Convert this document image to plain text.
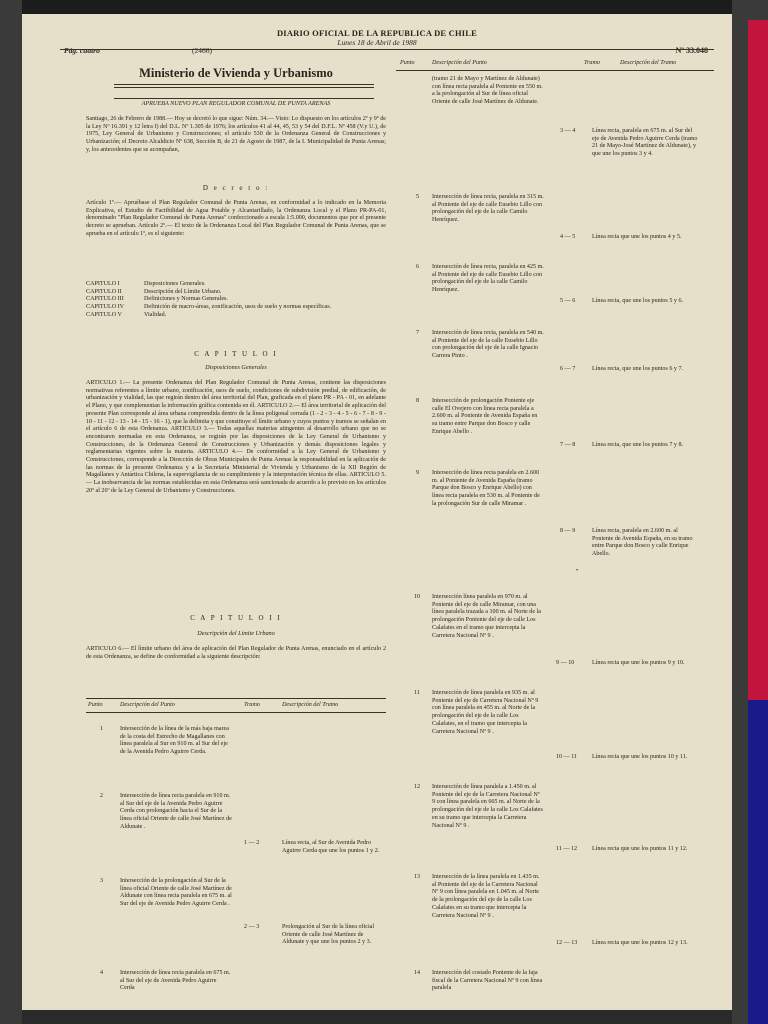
DIARIO OFICIAL DE LA REPUBLICA DE CHILE
Lunes 18 de Abril de 1988
Pág. cuatro	(2466)	Nº 33.048
Ministerio de Vivienda y Urbanismo
APRUEBA NUEVO PLAN REGULADOR COMUNAL DE PUNTA ARENAS
Santiago, 26 de Febrero de 1988.— Hoy se decretó lo que sigue: Núm. 34.— Visto: Lo dispuesto en los artículos 2º y 9º de la Ley Nº 16.391 y 12 letra f) del D.L. Nº 1.305 de 1976; los artículos 41 al 44, 45, 53 y 54 del D.F.L. Nº 458 (V.y U.), de 1975, Ley General de Urbanismo y Construcciones; el artículo 530 de la Ordenanza General de Construcciones y Urbanización; el Decreto Alcaldicio Nº 638, Sección B, de 21 de Agosto de 1987, de la I. Municipalidad de Punta Arenas; y, los antecedentes que se acompañan,
D e c r e t o :
Artículo 1º.— Apruébase el Plan Regulador Comunal de Punta Arenas, en conformidad a lo indicado en la Memoria Explicativa, el Estudio de Factibilidad de Agua Potable y Alcantarillado, la Ordenanza Local y el Plano PR-PA-01, denominado "Plan Regulador Comunal de Punta Arenas" confeccionado a escala 1:5.000, documentos que por el presente decreto se aprueban. Artículo 2º.— El texto de la Ordenanza Local del Plan Regulador Comunal de Punta Arenas, que se aprueba en el artículo 1º, es el siguiente:
CAPITULO I	Disposiciones Generales.
CAPITULO II	Descripción del Límite Urbano.
CAPITULO III	Definiciones y Normas Generales.
CAPITULO IV	Definición de macro-áreas, zonificación, usos de suelo y normas específicas.
CAPITULO V	Vialidad.
C A P I T U L O I
Disposiciones Generales
ARTICULO 1.— La presente Ordenanza del Plan Regulador Comunal de Punta Arenas, contiene las disposiciones normativas referentes a límite urbano, zonificación, usos de suelo, condiciones de subdivisión predial, de edificación, de urbanización y vialidad, las que regirán dentro del área territorial del Plan, graficada en el plano PR - PA - 01, en adelante el Plano, y que complementan la información gráfica contenida en él. ARTICULO 2.— El área territorial de aplicación del presente Plan corresponde al área urbana comprendida dentro de la línea poligonal cerrada (1 - 2 - 3 - 4 - 5 - 6 - 7 - 8 - 9 - 10 - 11 - 12 - 13 - 14 - 15 - 16 - 1), que la delimita y que constituye el límite urbano y cuyos puntos y tramos se señalan en el artículo 6 de esta Ordenanza. ARTICULO 3.— Todas aquellas materias atingentes al desarrollo urbano que no se encontraren normadas en esta Ordenanza, se regirán por las disposiciones de la Ley General de Urbanismo y Construcciones, de la Ordenanza General de Construcciones y Urbanización y demás disposiciones legales y reglamentarias vigentes sobre la materia. ARTICULO 4.— De conformidad a la Ley General de Urbanismo y Construcciones, corresponde a la Dirección de Obras Municipales de Punta Arenas la responsabilidad en la aplicación de las normas de la presente Ordenanza y a la Secretaría Ministerial de Vivienda y Urbanismo de la XII Región de Magallanes y Antártica Chilena, la supervigilancia de su cumplimiento y la interpretación técnica de ellas. ARTICULO 5.— La inobservancia de las normas establecidas en esta Ordenanza será sancionada de acuerdo a lo previsto en los artículos 20º al 26º de la Ley General de Urbanismo y Construcciones.
C A P I T U L O I I
Descripción del Límite Urbano
ARTICULO 6.— El límite urbano del área de aplicación del Plan Regulador de Punta Arenas, enunciado en el artículo 2 de esta Ordenanza, se define de conformidad a la siguiente descripción:
Punto	Descripción del Punto	Tramo	Descripción del Tramo
1	Intersección de la línea de la más baja marea de la costa del Estrecho de Magallanes con línea paralela al Sur en 910 m. al Sur del eje de la Avenida Pedro Aguirre Cerda.
2	Intersección de línea recta paralela en 910 m. al Sur del eje de la Avenida Pedro Aguirre Cerda con prolongación hacia el Sur de la línea oficial Oriente de calle José Martínez de Aldunate .
1 — 2	Línea recta, al Sur de Avenida Pedro Aguirre Cerda que une los puntos 1 y 2.
3	Intersección de la prolongación al Sur de la línea oficial Oriente de calle José Martínez de Aldunate con línea recta paralela en 675 m. al Sur del eje de Avenida Pedro Aguirre Cerda .
2 — 3	Prolongación al Sur de la línea oficial Oriente de calle José Martínez de Aldunate y que une los puntos 2 y 3.
4	Intersección de línea recta paralela en 675 m. al Sur del eje de Avenida Pedro Aguirre Cerda
Punto	Descripción del Punto	Tramo	Descripción del Tramo
(tramo 21 de Mayo y Martínez de Aldunate) con línea recta paralela al Poniente en 550 m. a la prolongación al Sur de línea oficial Oriente de calle José Martínez de Aldunate.
3 — 4	Línea recta, paralela en 675 m. al Sur del eje de Avenida Pedro Aguirre Cerda (tramo 21 de Mayo-José Martínez de Aldunate), y que une los puntos 3 y 4.
5 Intersección de línea recta, paralela en 315 m. al Poniente del eje de calle Eusebio Lillo con prolongación del eje de la calle Camilo Henríquez.
4 — 5	Línea recta que une los puntos 4 y 5.
6 Intersección de línea recta, paralela en 425 m. al Poniente del eje de calle Eusebio Lillo con prolongación del eje de la calle Camilo Henríquez.
5 — 6	Línea recta, que une los puntos 5 y 6.
7 Intersección de línea recta, paralela en 540 m. al Poniente del eje de la calle Eusebio Lillo con prolongación del eje de la calle Ignacio Carrera Pinto .
6 — 7	Línea recta, que une los puntos 6 y 7.
8 Intersección de prolongación Poniente eje calle El Ovejero con línea recta paralela a 2.600 m. al Poniente de Avenida España en su tramo entre Parque don Bosco y calle Enrique Abello .
7 — 8	Línea recta, que une los puntos 7 y 8.
9 Intersección de línea recta paralela en 2.600 m. al Poniente de Avenida España (tramo Parque don Bosco y Enrique Abello) con línea recta paralela en 530 m. al Poniente de la prolongación Sur de calle Miramar .
8 — 9	Línea recta, paralela en 2.600 m. al Poniente de Avenida España, en su tramo entre Parque don Bosco y calle Enrique Abello.
•
10 Intersección línea paralela en 970 m. al Poniente del eje de calle Miramar, con una línea paralela trazada a 100 m. al Norte de la prolongación Poniente del eje de calle Los Calafates en el tramo que intercepta la Carretera Nacional Nº 9 .
9 — 10	Línea recta que une los puntos 9 y 10.
11 Intersección de línea paralela en 935 m. al Poniente del eje de Carretera Nacional Nº 9 con línea paralela en 455 m. al Norte de la prolongación del eje de la calle Los Calafates, en el tramo que intercepta la Carretera Nacional Nº 9 .
10 — 11 Línea recta que une los puntos 10 y 11.
12 Intersección de línea paralela a 1.450 m. al Poniente del eje de la Carretera Nacional Nº 9 con línea paralela en 665 m. al Norte de la prolongación del eje de la calle Los Calafates en su tramo que intercepta la Carretera Nacional Nº 9 .
11 — 12 Línea recta que une los puntos 11 y 12.
13 Intersección de la línea paralela en 1.435 m. al Poniente del eje de la Carretera Nacional Nº 9 con línea paralela en 1.045 m. al Norte de la prolongación del eje de la calle Los Calafates en su tramo que intercepta la Carretera Nacional Nº 9 .
12 — 13 Línea recta que une los puntos 12 y 13.
14 Intersección del costado Poniente de la faja fiscal de la Carretera Nacional Nº 9 con línea paralela
